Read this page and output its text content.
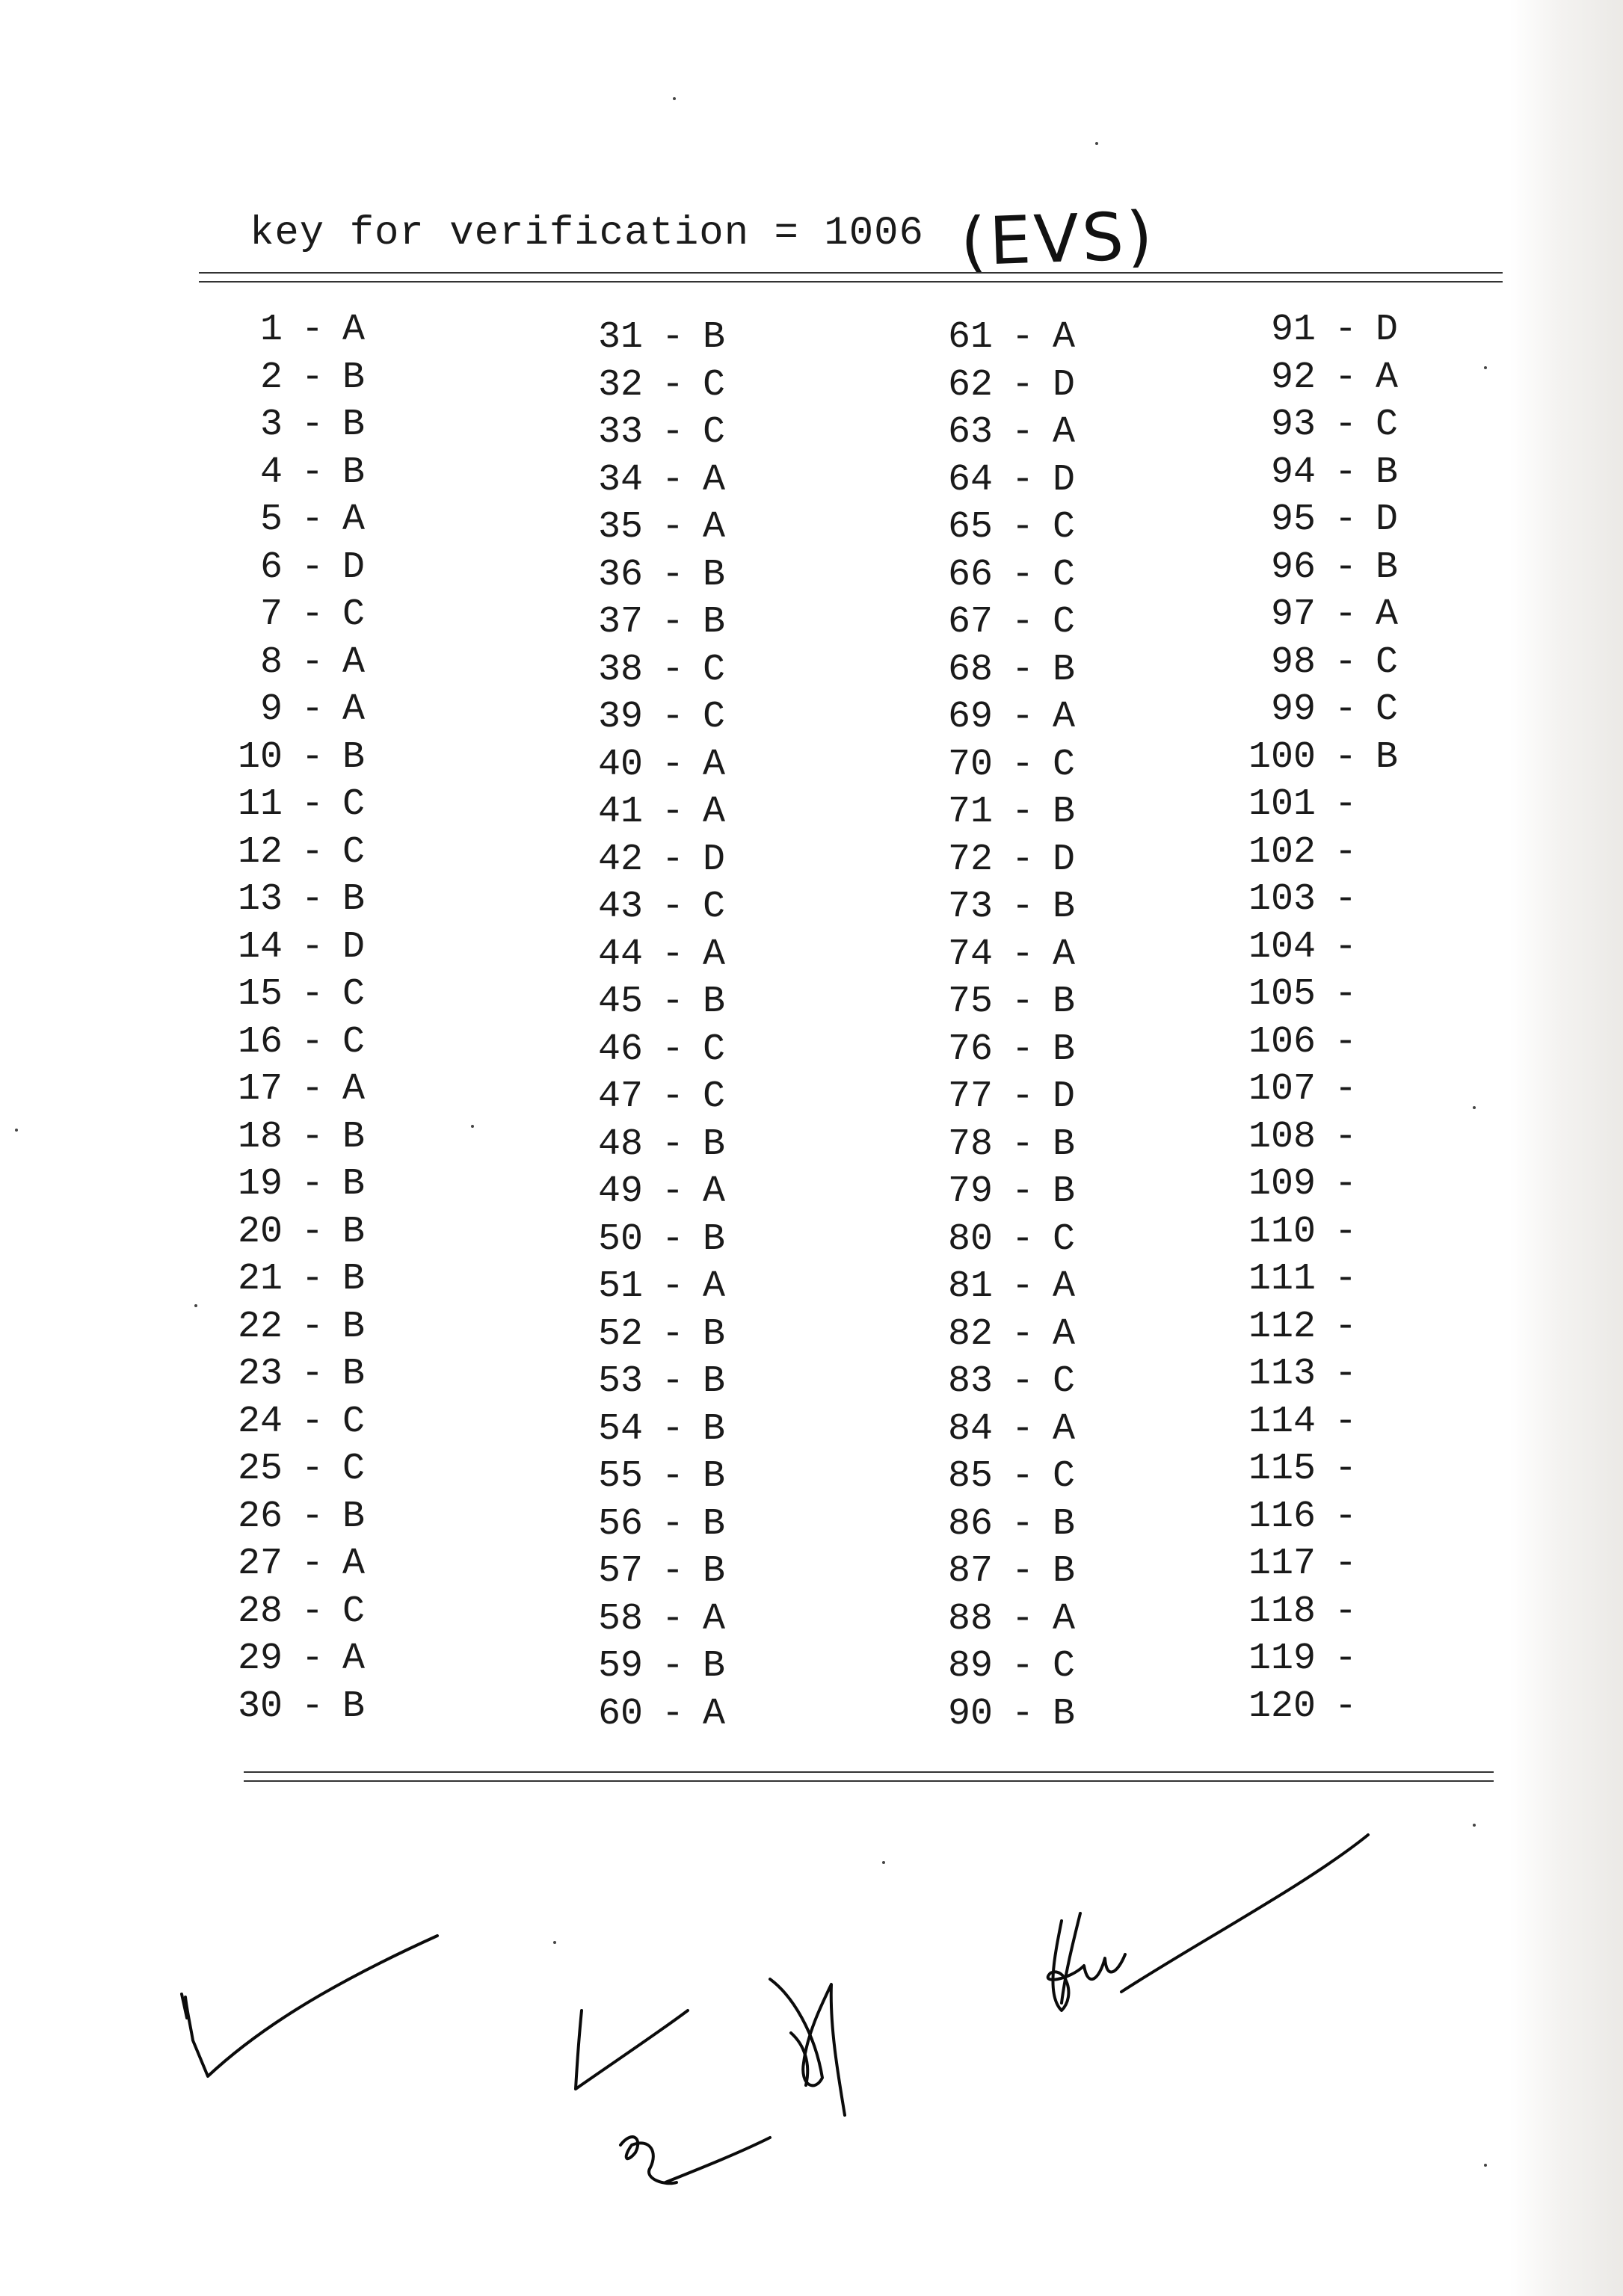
key for verification = 1006 (EVS)
1 - A
2 - B
3 - B
4 - B
5 - A
6 - D
7 - C
8 - A
9 - A
10 - B
11 - C
12 - C
13 - B
14 - D
15 - C
16 - C
17 - A
18 - B
19 - B
20 - B
21 - B
22 - B
23 - B
24 - C
25 - C
26 - B
27 - A
28 - C
29 - A
30 - B
31 - B
32 - C
33 - C
34 - A
35 - A
36 - B
37 - B
38 - C
39 - C
40 - A
41 - A
42 - D
43 - C
44 - A
45 - B
46 - C
47 - C
48 - B
49 - A
50 - B
51 - A
52 - B
53 - B
54 - B
55 - B
56 - B
57 - B
58 - A
59 - B
60 - A
61 - A
62 - D
63 - A
64 - D
65 - C
66 - C
67 - C
68 - B
69 - A
70 - C
71 - B
72 - D
73 - B
74 - A
75 - B
76 - B
77 - D
78 - B
79 - B
80 - C
81 - A
82 - A
83 - C
84 - A
85 - C
86 - B
87 - B
88 - A
89 - C
90 - B
91 - D
92 - A
93 - C
94 - B
95 - D
96 - B
97 - A
98 - C
99 - C
100 - B
101 -
102 -
103 -
104 -
105 -
106 -
107 -
108 -
109 -
110 -
111 -
112 -
113 -
114 -
115 -
116 -
117 -
118 -
119 -
120 -
